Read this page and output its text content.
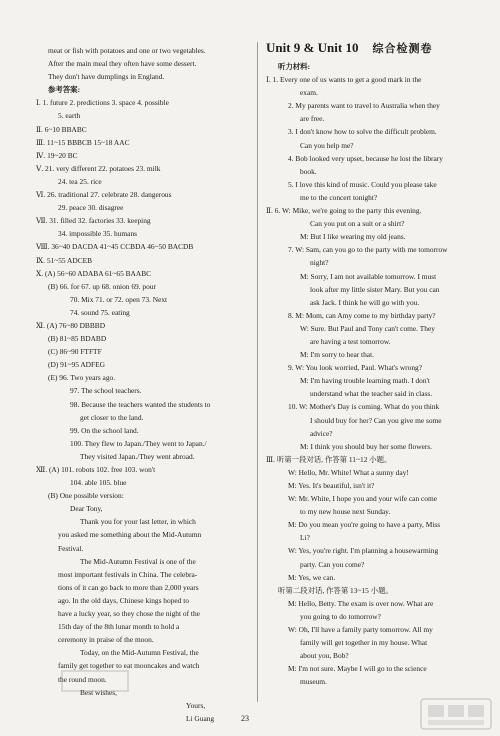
meat or fish with potatoes and one or two vegetables.
After the main meal they often have some dessert.
They don't have dumplings in England.
参考答案:
Ⅰ. 1. future 2. predictions 3. space 4. possible
5. earth
Ⅱ. 6~10 BBABC
Ⅲ. 11~15 BBBCB 15~18 AAC
Ⅳ. 19~20 BC
Ⅴ. 21. very different 22. potatoes 23. milk
24. tea 25. rice
Ⅵ. 26. traditional 27. celebrate 28. dangerous
29. peace 30. disagree
Ⅶ. 31. filled 32. factories 33. keeping
34. impossible 35. humans
Ⅷ. 36~40 DACDA 41~45 CCBDA 46~50 BACDB
Ⅸ. 51~55 ADCEB
Ⅹ. (A) 56~60 ADABA 61~65 BAABC
(B) 66. for 67. up 68. onion 69. pour
70. Mix 71. or 72. open 73. Next
74. sound 75. eating
Ⅺ. (A) 76~80 DBBBD
(B) 81~85 BDABD
(C) 86~90 FTFTF
(D) 91~95 ADFEG
(E) 96. Two years ago.
97. The school teachers.
98. Because the teachers wanted the students to
get closer to the land.
99. On the school land.
100. They flew to Japan./They went to Japan./
They visited Japan./They went abroad.
Ⅻ. (A) 101. robots 102. free 103. won't
104. able 105. blue
(B) One possible version:
Dear Tony,
Thank you for your last letter, in which
you asked me something about the Mid-Autumn
Festival.
The Mid-Autumn Festival is one of the
most important festivals in China. The celebra-
tions of it can go back to more than 2,000 years
ago. In the old days, Chinese kings hoped to
have a lucky year, so they chose the night of the
15th day of the 8th lunar month to hold a
ceremony in praise of the moon.
Today, on the Mid-Autumn Festival, the
family get together to eat mooncakes and watch
the round moon.
Best wishes,
Yours,
Li Guang
Unit 9 & Unit 10 综合检测卷
听力材料:
Ⅰ. 1. Every one of us wants to get a good mark in the
exam.
2. My parents want to travel to Australia when they
are free.
3. I don't know how to solve the difficult problem.
Can you help me?
4. Bob looked very upset, because he lost the library
book.
5. I love this kind of music. Could you please take
me to the concert tonight?
Ⅱ. 6. W: Mike, we're going to the party this evening.
Can you put on a suit or a shirt?
M: But I like wearing my old jeans.
7. W: Sam, can you go to the party with me tomorrow
night?
M: Sorry, I am not available tomorrow. I must
look after my little sister Mary. But you can
ask Jack. I think he will go with you.
8. M: Mom, can Amy come to my birthday party?
W: Sure. But Paul and Tony can't come. They
are having a test tomorrow.
M: I'm sorry to hear that.
9. W: You look worried, Paul. What's wrong?
M: I'm having trouble learning math. I don't
understand what the teacher said in class.
10. W: Mother's Day is coming. What do you think
I should buy for her? Can you give me some
advice?
M: I think you should buy her some flowers.
Ⅲ. 听第一段对话, 作答第 11~12 小题。
W: Hello, Mr. White! What a sunny day!
M: Yes. It's beautiful, isn't it?
W: Mr. White, I hope you and your wife can come
to my new house next Sunday.
M: Do you mean you're going to have a party, Miss
Li?
W: Yes, you're right. I'm planning a housewarming
party. Can you come?
M: Yes, we can.
听第二段对话, 作答第 13~15 小题。
M: Hello, Betty. The exam is over now. What are
you going to do tomorrow?
W: Oh, I'll have a family party tomorrow. All my
family will get together in my house. What
about you, Bob?
M: I'm not sure. Maybe I will go to the science
museum.
23
